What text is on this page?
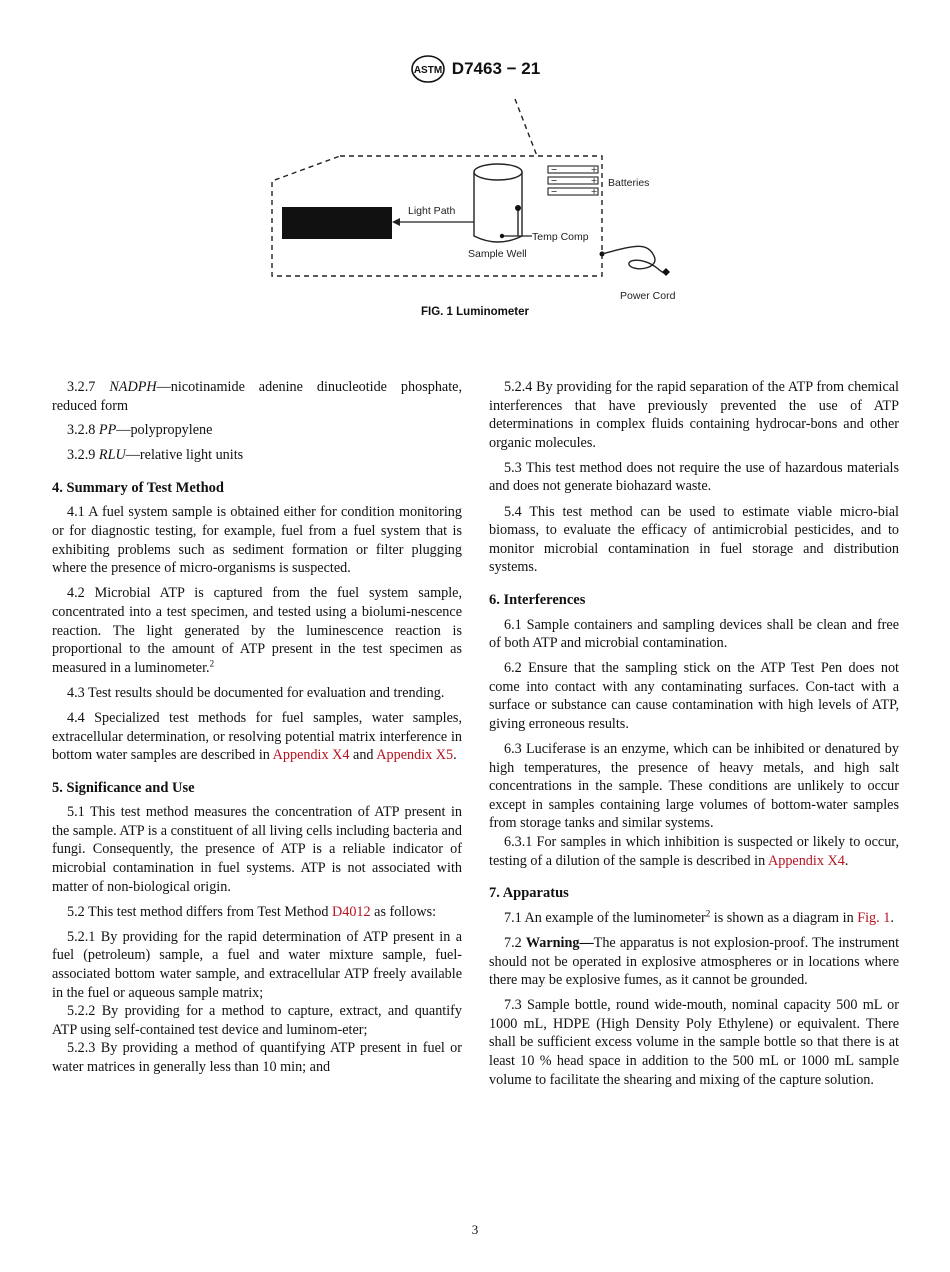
ASTM D7463 − 21
Light Path
Temp Comp
Sample Well
−	+
−	+
−	+
Batteries
Power Cord
FIG. 1 Luminometer

3.2.7 NADPH—nicotinamide adenine dinucleotide phosphate, reduced form

3.2.8 PP—polypropylene

3.2.9 RLU—relative light units

4. Summary of Test Method

4.1 A fuel system sample is obtained either for condition monitoring or for diagnostic testing, for example, fuel from a fuel system that is exhibiting problems such as sediment formation or filter plugging where the presence of micro-organisms is suspected.

4.2 Microbial ATP is captured from the fuel system sample, concentrated into a test specimen, and tested using a biolumi-nescence reaction. The light generated by the luminescence reaction is proportional to the amount of ATP present in the test specimen as measured in a luminometer.$^2$

4.3 Test results should be documented for evaluation and trending.

4.4 Specialized test methods for fuel samples, water samples, extracellular determination, or resolving potential matrix interference in bottom water samples are described in Appendix X4 and Appendix X5.

5. Significance and Use

5.1 This test method measures the concentration of ATP present in the sample. ATP is a constituent of all living cells including bacteria and fungi. Consequently, the presence of ATP is a reliable indicator of microbial contamination in fuel systems. ATP is not associated with matter of non-biological origin.

5.2 This test method differs from Test Method D4012 as follows:

5.2.1 By providing for the rapid determination of ATP present in a fuel (petroleum) sample, a fuel and water mixture sample, fuel-associated bottom water sample, and extracellular ATP freely available in the fuel or aqueous sample matrix;

5.2.2 By providing for a method to capture, extract, and quantify ATP using self-contained test device and luminom-eter;

5.2.3 By providing a method of quantifying ATP present in fuel or water matrices in generally less than 10 min; and

5.2.4 By providing for the rapid separation of the ATP from chemical interferences that have previously prevented the use of ATP determinations in complex fluids containing hydrocar-bons and other organic molecules.

5.3 This test method does not require the use of hazardous materials and does not generate biohazard waste.

5.4 This test method can be used to estimate viable micro-bial biomass, to evaluate the efficacy of antimicrobial pesticides, and to monitor microbial contamination in fuel storage and distribution systems.

6. Interferences

6.1 Sample containers and sampling devices shall be clean and free of both ATP and microbial contamination.

6.2 Ensure that the sampling stick on the ATP Test Pen does not come into contact with any contaminating surfaces. Con-tact with a surface or substance can cause contamination with high levels of ATP, giving erroneous results.

6.3 Luciferase is an enzyme, which can be inhibited or denatured by high temperatures, the presence of heavy metals, and high salt concentrations in the sample. These conditions are unlikely to occur except in samples containing large volumes of bottom-water samples from storage tanks and similar systems.

6.3.1 For samples in which inhibition is suspected or likely to occur, testing of a dilution of the sample is described in Appendix X4.

7. Apparatus

7.1 An example of the luminometer$^2$ is shown as a diagram in Fig. 1.

7.2 Warning—The apparatus is not explosion-proof. The instrument should not be operated in explosive atmospheres or in locations where there may be explosive fumes, as it cannot be grounded.

7.3 Sample bottle, round wide-mouth, nominal capacity 500 mL or 1000 mL, HDPE (High Density Poly Ethylene) or equivalent. There shall be sufficient excess volume in the sample bottle so that there is at least 10 % head space in addition to the 500 mL or 1000 mL sample volume to facilitate the shearing and mixing of the capture solution.

3
